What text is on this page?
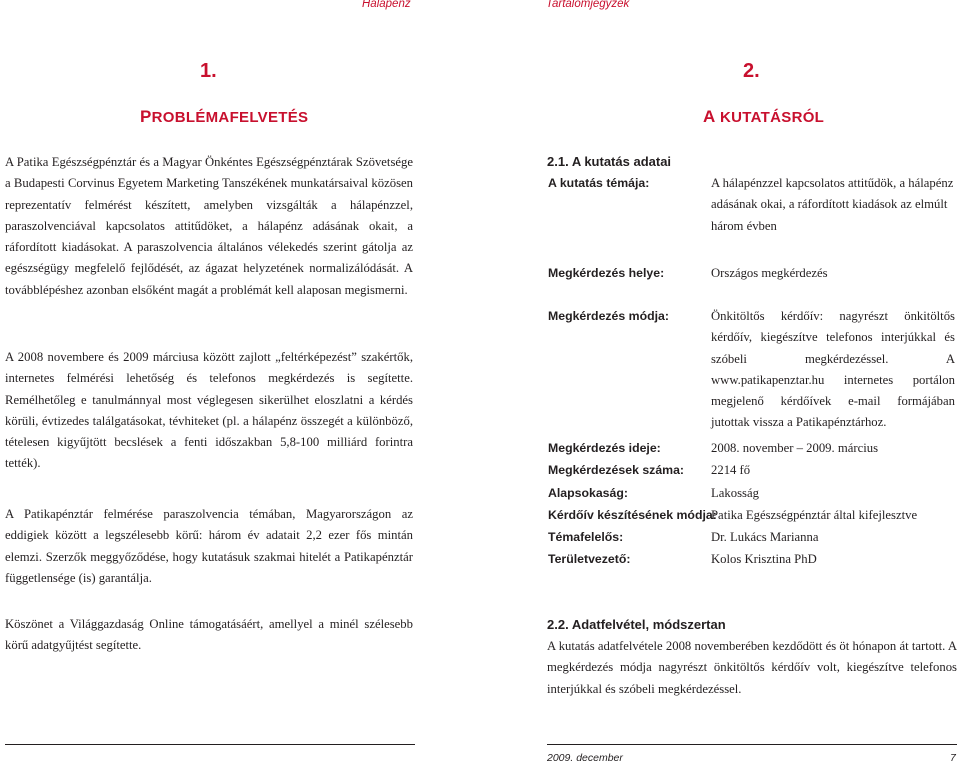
Hálapénz	Tartalomjegyzék
1.
PROBLÉMAFELVETÉS
2.
A KUTATÁSRÓL

A Patika Egészségpénztár és a Magyar Önkéntes Egészségpénztárak Szövetsége a Budapesti Corvinus Egyetem Marketing Tanszékének munkatársaival közösen reprezentatív felmérést készített, amelyben vizsgálták a hálapénzzel, paraszolvenciával kapcsolatos attitűdöket, a hálapénz adásának okait, a ráfordított kiadásokat. A paraszolvencia általános vélekedés szerint gátolja az egészségügy megfelelő fejlődését, az ágazat helyzetének normalizálódását. A továbblépéshez azonban elsőként magát a problémát kell alaposan megismerni.

A 2008 novembere és 2009 márciusa között zajlott „feltérképezést” szakértők, internetes felmérési lehetőség és telefonos megkérdezés is segítette. Remélhetőleg e tanulmánnyal most véglegesen sikerülhet eloszlatni a kérdés körüli, évtizedes találgatásokat, tévhiteket (pl. a hálapénz összegét a különböző, tételesen kigyűjtött becslések a fenti időszakban 5,8-100 milliárd forintra tették).

A Patikapénztár felmérése paraszolvencia témában, Magyarországon az eddigiek között a legszélesebb körű: három év adatait 2,2 ezer fős mintán elemzi. Szerzők meggyőződése, hogy kutatásuk szakmai hitelét a Patikapénztár függetlensége (is) garantálja.

Köszönet a Világgazdaság Online támogatásáért, amellyel a minél szélesebb körű adatgyűjtést segítette.

2.1. A kutatás adatai
A kutatás témája:	A hálapénzzel kapcsolatos attitűdök, a hálapénz adásának okai, a ráfordított kiadások az elmúlt három évben
Megkérdezés helye:	Országos megkérdezés
Megkérdezés módja:	Önkitöltős kérdőív: nagyrészt önkitöltős kérdőív, kiegészítve telefonos interjúkkal és szóbeli megkérdezéssel. A www.patikapenztar.hu internetes portálon megjelenő kérdőívek e-mail formájában jutottak vissza a Patikapénztárhoz.
Megkérdezés ideje:	2008. november – 2009. március
Megkérdezések száma: 2214 fő
Alapsokaság:	Lakosság
Kérdőív készítésének módja:
Patika Egészségpénztár által kifejlesztve
Témafelelős:	Dr. Lukács Marianna
Területvezető:	Kolos Krisztina PhD
2.2. Adatfelvétel, módszertan
A kutatás adatfelvétele 2008 novemberében kezdődött és öt hónapon át tartott. A megkérdezés módja nagyrészt önkitöltős kérdőív volt, kiegészítve telefonos interjúkkal és szóbeli megkérdezéssel.
2009. december	7
